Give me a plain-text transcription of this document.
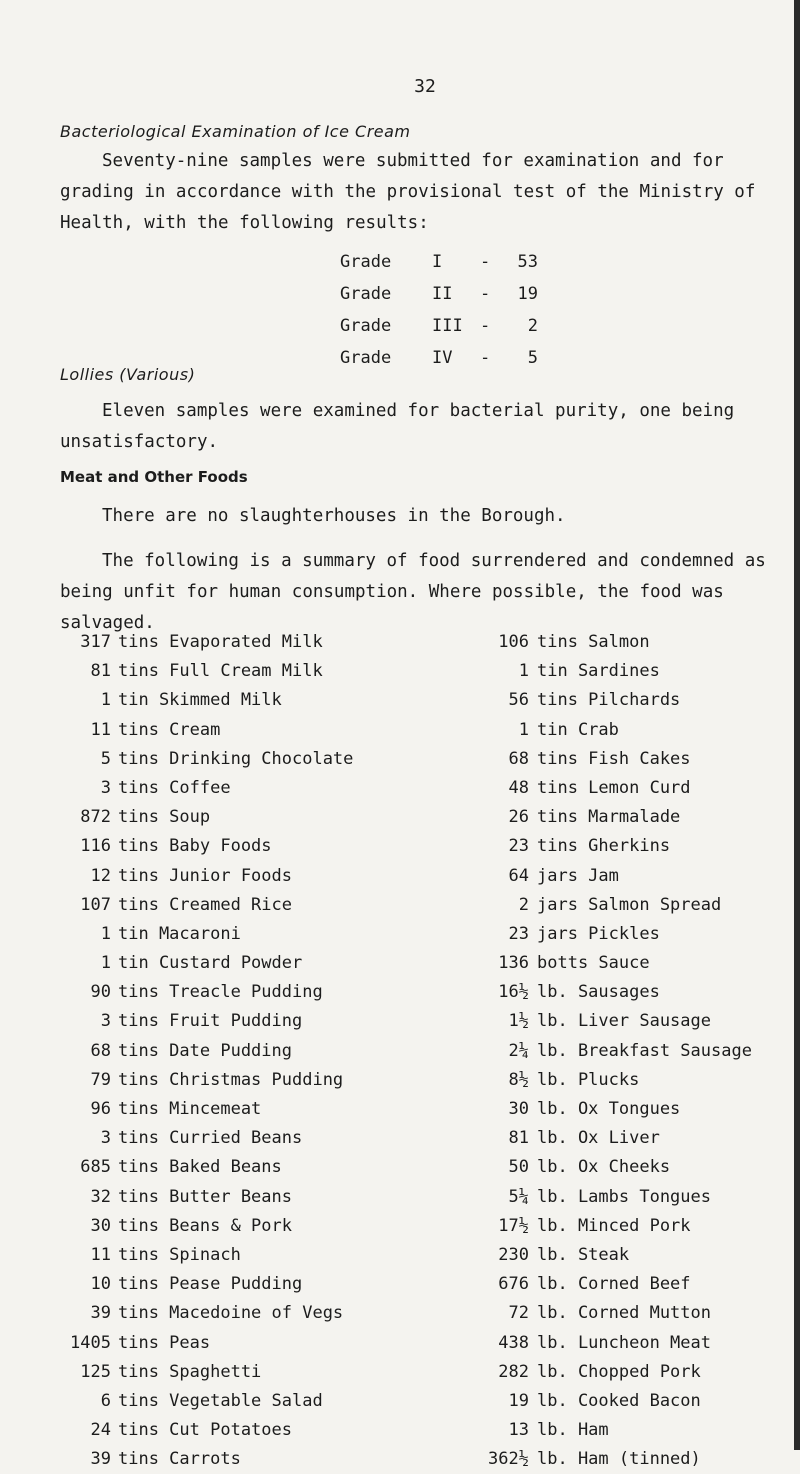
32
Bacteriological Examination of Ice Cream

Seventy-nine samples were submitted for examination and for grading in accordance with the provisional test of the Ministry of Health, with the following results:

Grade	I	-	53
Grade	II	-	19
Grade	III	-	2
Grade	IV	-	5
Lollies (Various)

Eleven samples were examined for bacterial purity, one being unsatisfactory.

Meat and Other Foods

There are no slaughterhouses in the Borough.

The following is a summary of food surrendered and condemned as being unfit for human consumption. Where possible, the food was salvaged.

317 tins Evaporated Milk	106 tins Salmon
81 tins Full Cream Milk	1 tin Sardines
1 tin Skimmed Milk	56 tins Pilchards
11 tins Cream	1 tin Crab
5 tins Drinking Chocolate	68 tins Fish Cakes
3 tins Coffee	48 tins Lemon Curd
872 tins Soup	26 tins Marmalade
116 tins Baby Foods	23 tins Gherkins
12 tins Junior Foods	64 jars Jam
107 tins Creamed Rice	2 jars Salmon Spread
1 tin Macaroni	23 jars Pickles
1 tin Custard Powder	136 botts Sauce
90 tins Treacle Pudding	16½ lb. Sausages
3 tins Fruit Pudding	1½ lb. Liver Sausage
68 tins Date Pudding	2¼ lb. Breakfast Sausage
79 tins Christmas Pudding	8½ lb. Plucks
96 tins Mincemeat	30 lb. Ox Tongues
3 tins Curried Beans	81 lb. Ox Liver
685 tins Baked Beans	50 lb. Ox Cheeks
32 tins Butter Beans	5¼ lb. Lambs Tongues
30 tins Beans & Pork	17½ lb. Minced Pork
11 tins Spinach	230 lb. Steak
10 tins Pease Pudding	676 lb. Corned Beef
39 tins Macedoine of Vegs	72 lb. Corned Mutton
1405 tins Peas	438 lb. Luncheon Meat
125 tins Spaghetti	282 lb. Chopped Pork
6 tins Vegetable Salad	19 lb. Cooked Bacon
24 tins Cut Potatoes	13 lb. Ham
39 tins Carrots	362½ lb. Ham (tinned)
